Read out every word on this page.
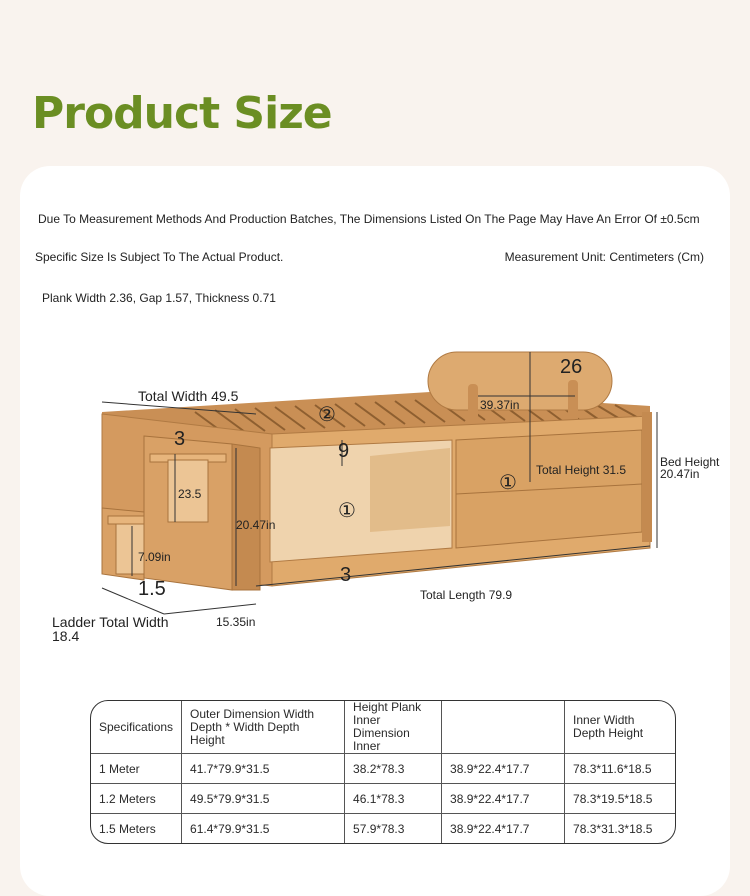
Product Size
Due To Measurement Methods And Production Batches, The Dimensions Listed On The Page May Have An Error Of ±0.5cm
Specific Size Is Subject To The Actual Product.	Measurement Unit: Centimeters (Cm)
Plank Width 2.36, Gap 1.57, Thickness 0.71
Total Width 49.5
39.37in
26
3
②
9
23.5
20.47in
7.09in
1.5
3
①
①
Total Height 31.5
Bed Height 20.47in
Total Length 79.9
15.35in
Ladder Total Width 18.4
Specifications	Outer Dimension Width Depth * Width Depth Height	Height Plank Inner Dimension Inner		Inner Width Depth Height
1 Meter	41.7*79.9*31.5	38.2*78.3	38.9*22.4*17.7	78.3*11.6*18.5
1.2 Meters	49.5*79.9*31.5	46.1*78.3	38.9*22.4*17.7	78.3*19.5*18.5
1.5 Meters	61.4*79.9*31.5	57.9*78.3	38.9*22.4*17.7	78.3*31.3*18.5
